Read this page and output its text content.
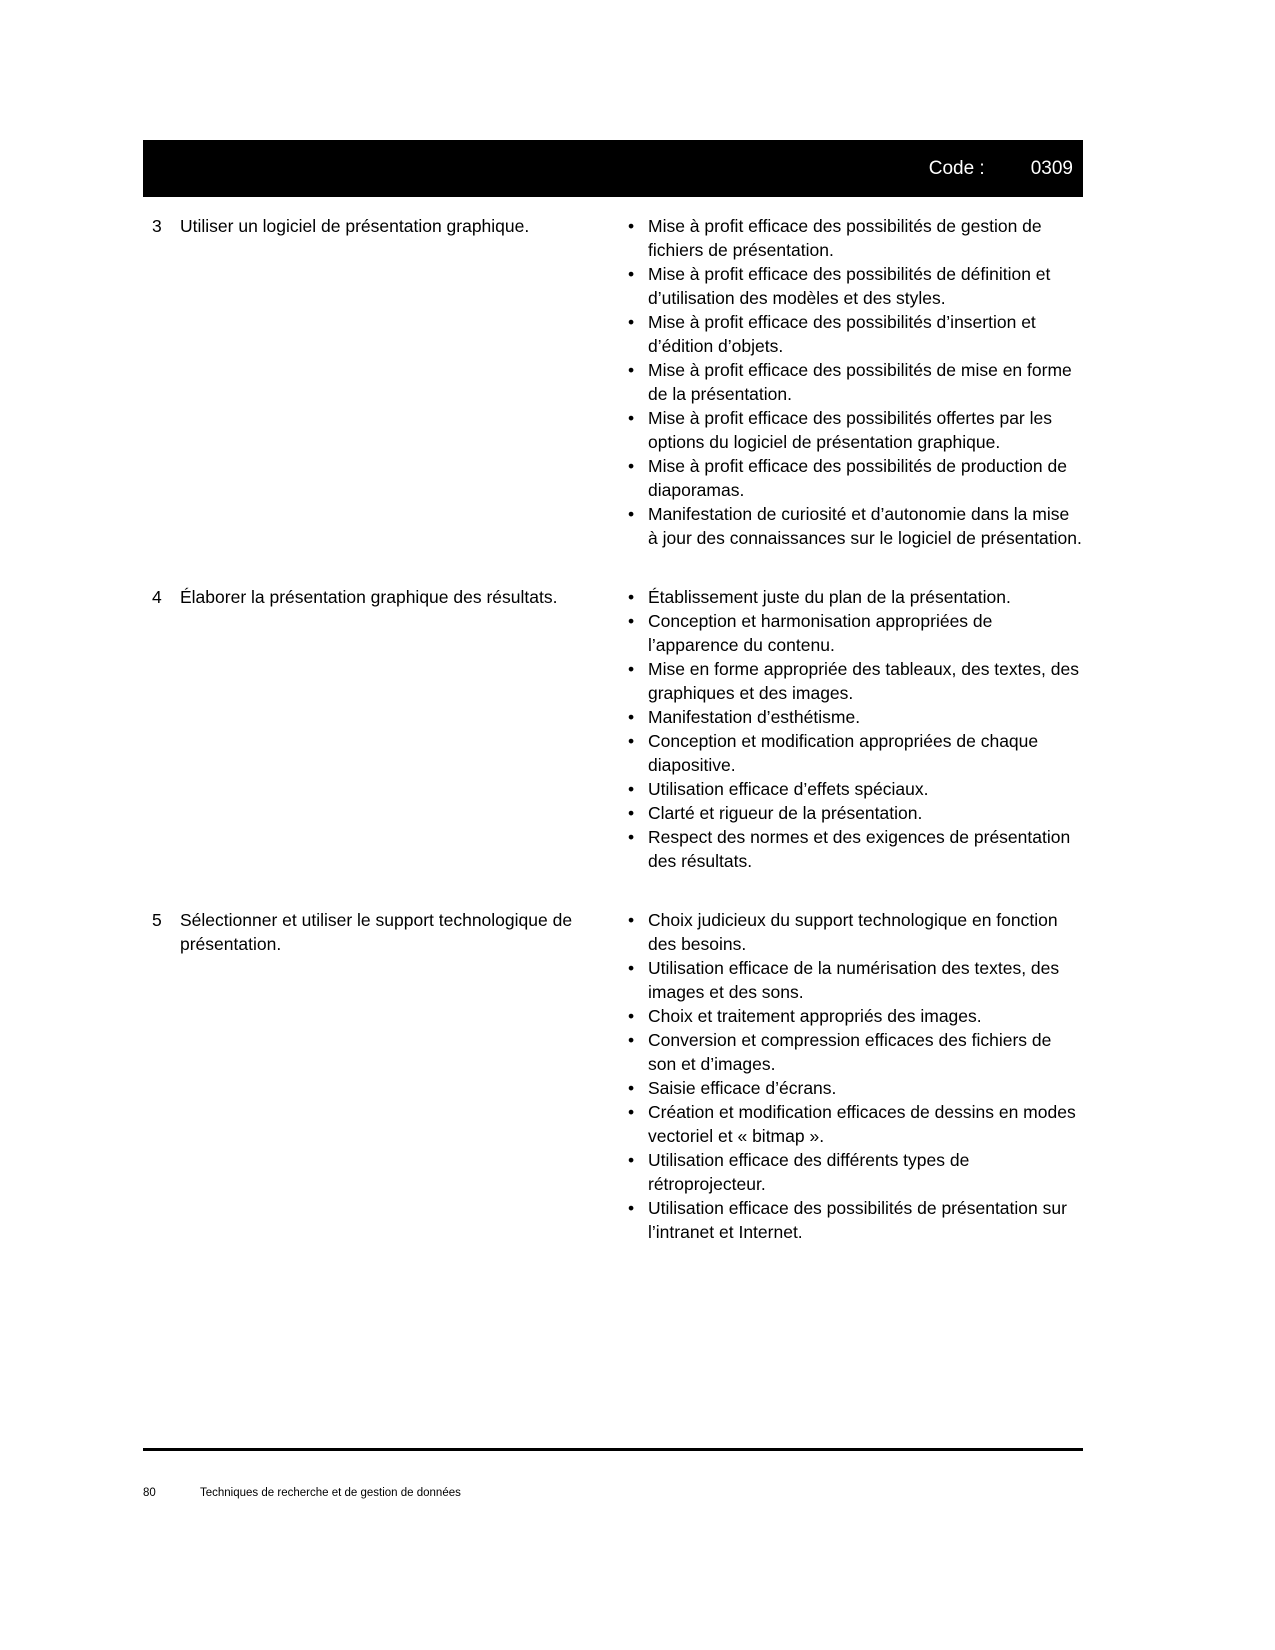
Code : 0309
3	Utiliser un logiciel de présentation graphique.	• Mise à profit efficace des possibilités de gestion de fichiers de présentation.
• Mise à profit efficace des possibilités de définition et d’utilisation des modèles et des styles.
• Mise à profit efficace des possibilités d’insertion et d’édition d’objets.
• Mise à profit efficace des possibilités de mise en forme de la présentation.
• Mise à profit efficace des possibilités offertes par les options du logiciel de présentation graphique.
• Mise à profit efficace des possibilités de production de diaporamas.
• Manifestation de curiosité et d’autonomie dans la mise à jour des connaissances sur le logiciel de présentation.
4	Élaborer la présentation graphique des résultats.	• Établissement juste du plan de la présentation.
• Conception et harmonisation appropriées de l’apparence du contenu.
• Mise en forme appropriée des tableaux, des textes, des graphiques et des images.
• Manifestation d’esthétisme.
• Conception et modification appropriées de chaque diapositive.
• Utilisation efficace d’effets spéciaux.
• Clarté et rigueur de la présentation.
• Respect des normes et des exigences de présentation des résultats.
5	Sélectionner et utiliser le support technologique de présentation.
• Choix judicieux du support technologique en fonction des besoins.
• Utilisation efficace de la numérisation des textes, des images et des sons.
• Choix et traitement appropriés des images.
• Conversion et compression efficaces des fichiers de son et d’images.
• Saisie efficace d’écrans.
• Création et modification efficaces de dessins en modes vectoriel et « bitmap ».
• Utilisation efficace des différents types de rétroprojecteur.
• Utilisation efficace des possibilités de présentation sur l’intranet et Internet.
80	Techniques de recherche et de gestion de données
